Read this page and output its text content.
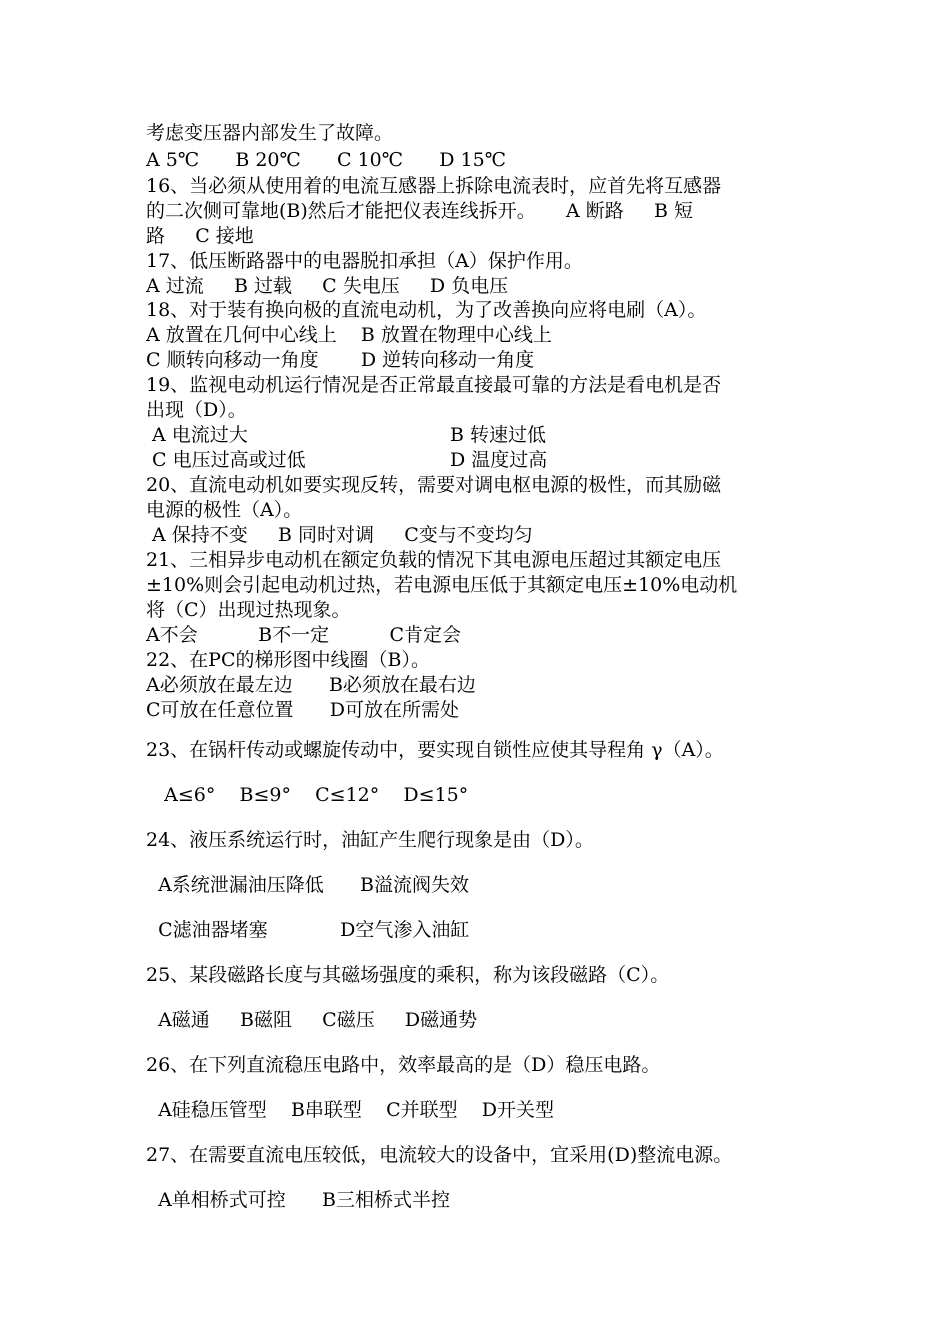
考虑变压器内部发生了故障。
A 5℃      B 20℃      C 10℃      D 15℃
16、当必须从使用着的电流互感器上拆除电流表时，应首先将互感器
的二次侧可靠地(B)然后才能把仪表连线拆开。     A 断路     B 短
路     C 接地
17、低压断路器中的电器脱扣承担（A）保护作用。
A 过流     B 过载     C 失电压     D 负电压
18、对于装有换向极的直流电动机，为了改善换向应将电刷（A）。
A 放置在几何中心线上    B 放置在物理中心线上
C 顺转向移动一角度       D 逆转向移动一角度
19、监视电动机运行情况是否正常最直接最可靠的方法是看电机是否
出现（D）。
A 电流过大	B 转速过低
C 电压过高或过低	D 温度过高
20、直流电动机如要实现反转，需要对调电枢电源的极性，而其励磁
电源的极性（A）。
A 保持不变     B 同时对调     C变与不变均匀
21、三相异步电动机在额定负载的情况下其电源电压超过其额定电压
±10%则会引起电动机过热，若电源电压低于其额定电压±10%电动机
将（C）出现过热现象。
A不会          B不一定          C肯定会
22、在PC的梯形图中线圈（B）。
A必须放在最左边      B必须放在最右边
C可放在任意位置      D可放在所需处
23、在锅杆传动或螺旋传动中，要实现自锁性应使其导程角 γ（A）。
A≤6°    B≤9°    C≤12°    D≤15°
24、液压系统运行时，油缸产生爬行现象是由（D）。
A系统泄漏油压降低      B溢流阀失效
C滤油器堵塞            D空气渗入油缸
25、某段磁路长度与其磁场强度的乘积，称为该段磁路（C）。
A磁通     B磁阻     C磁压     D磁通势
26、在下列直流稳压电路中，效率最高的是（D）稳压电路。
A硅稳压管型    B串联型    C并联型    D开关型
27、在需要直流电压较低，电流较大的设备中，宜采用(D)整流电源。
A单相桥式可控      B三相桥式半控
